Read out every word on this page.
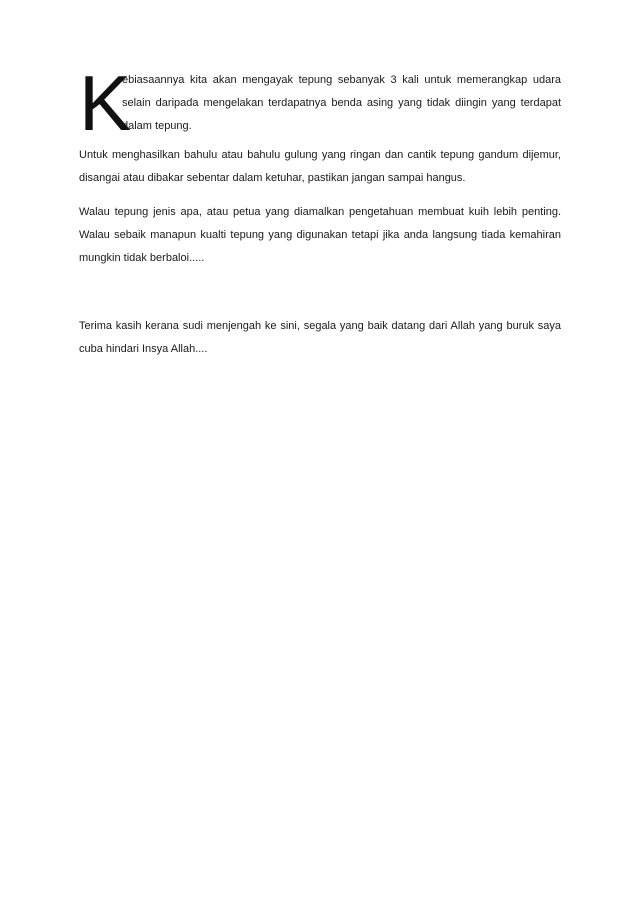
K
ebiasaannya kita akan mengayak tepung sebanyak 3 kali untuk memerangkap udara selain daripada mengelakan terdapatnya benda asing yang tidak diingin yang terdapat dalam tepung.

Untuk menghasilkan bahulu atau bahulu gulung yang ringan dan cantik tepung gandum dijemur, disangai atau dibakar sebentar dalam ketuhar, pastikan jangan sampai hangus.

Walau tepung jenis apa, atau petua yang diamalkan pengetahuan membuat kuih lebih penting. Walau sebaik manapun kualti tepung yang digunakan tetapi jika anda langsung tiada kemahiran mungkin tidak berbaloi.....

Terima kasih kerana sudi menjengah ke sini, segala yang baik datang dari Allah yang buruk saya cuba hindari Insya Allah....
